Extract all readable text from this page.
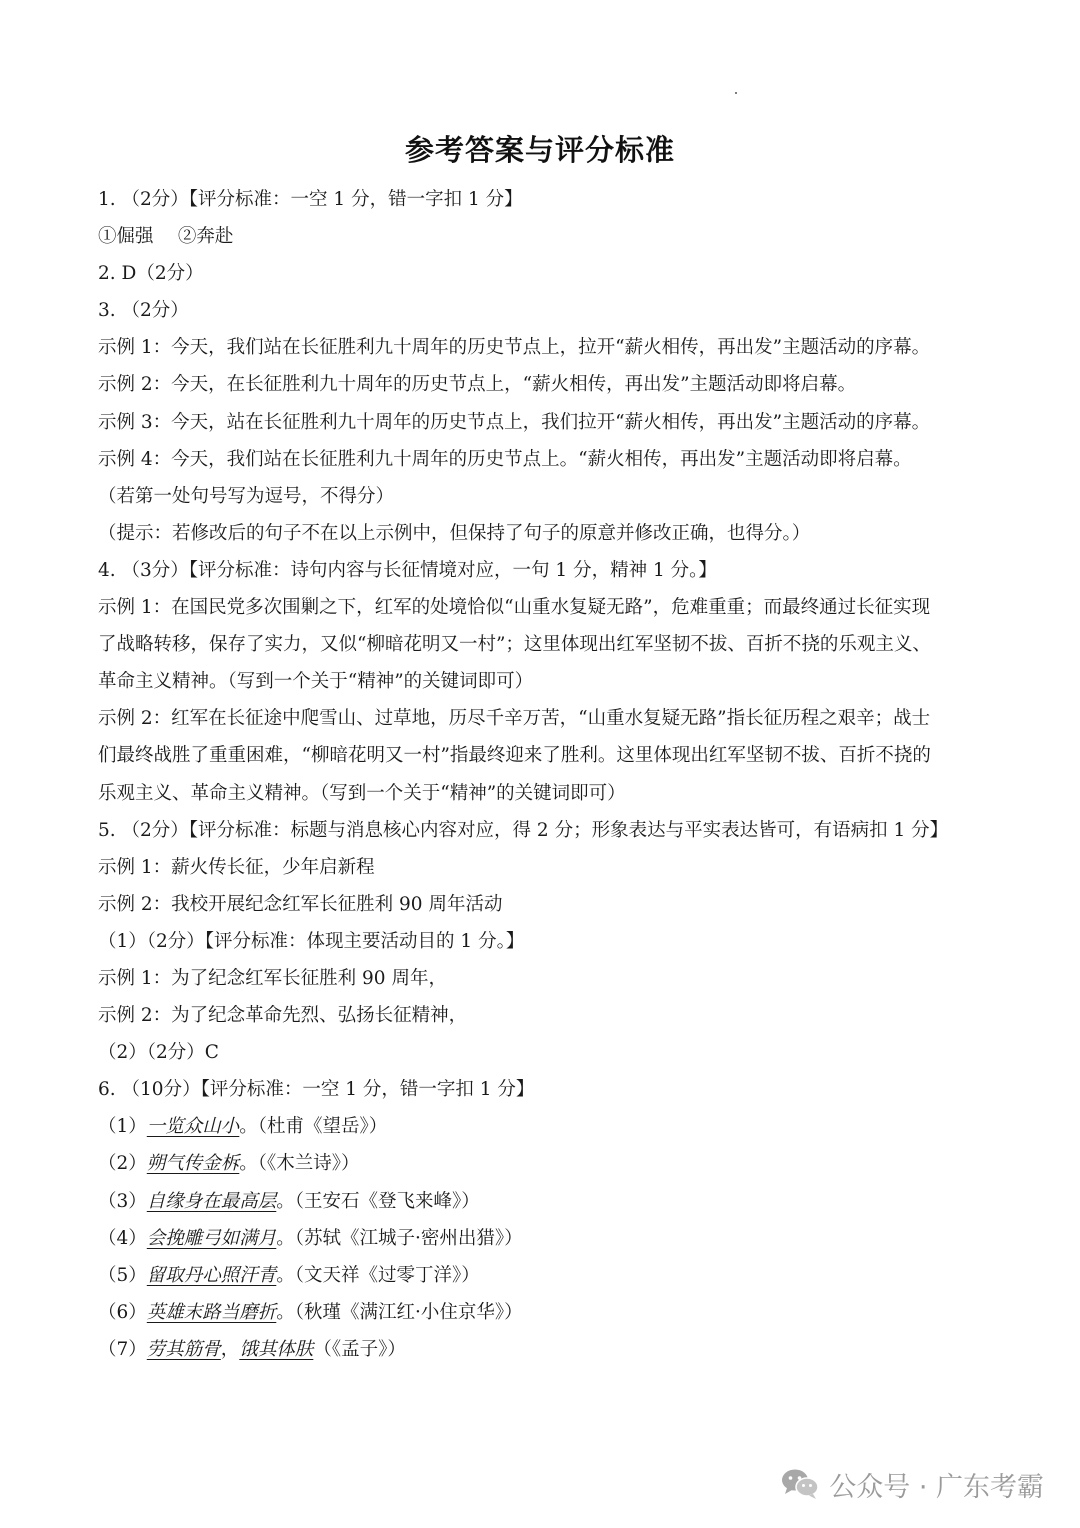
参考答案与评分标准
1. （2分）【评分标准：一空 1 分，错一字扣 1 分】
①倔强　 ②奔赴
2. D（2分）
3. （2分）
示例 1：今天，我们站在长征胜利九十周年的历史节点上，拉开“薪火相传，再出发”主题活动的序幕。
示例 2：今天，在长征胜利九十周年的历史节点上，“薪火相传，再出发”主题活动即将启幕。
示例 3：今天，站在长征胜利九十周年的历史节点上，我们拉开“薪火相传，再出发”主题活动的序幕。
示例 4：今天，我们站在长征胜利九十周年的历史节点上。“薪火相传，再出发”主题活动即将启幕。
（若第一处句号写为逗号，不得分）
（提示：若修改后的句子不在以上示例中，但保持了句子的原意并修改正确，也得分。）
4. （3分）【评分标准：诗句内容与长征情境对应，一句 1 分，精神 1 分。】
示例 1：在国民党多次围剿之下，红军的处境恰似“山重水复疑无路”，危难重重；而最终通过长征实现
了战略转移，保存了实力，又似“柳暗花明又一村”；这里体现出红军坚韧不拔、百折不挠的乐观主义、
革命主义精神。（写到一个关于“精神”的关键词即可）
示例 2：红军在长征途中爬雪山、过草地，历尽千辛万苦，“山重水复疑无路”指长征历程之艰辛；战士
们最终战胜了重重困难，“柳暗花明又一村”指最终迎来了胜利。这里体现出红军坚韧不拔、百折不挠的
乐观主义、革命主义精神。（写到一个关于“精神”的关键词即可）
5. （2分）【评分标准：标题与消息核心内容对应，得 2 分；形象表达与平实表达皆可，有语病扣 1 分】
示例 1：薪火传长征，少年启新程
示例 2：我校开展纪念红军长征胜利 90 周年活动
（1）（2分）【评分标准：体现主要活动目的 1 分。】
示例 1：为了纪念红军长征胜利 90 周年，
示例 2：为了纪念革命先烈、弘扬长征精神，
（2）（2分）C
6. （10分）【评分标准：一空 1 分，错一字扣 1 分】
（1）一览众山小。（杜甫《望岳》）
（2）朔气传金柝。（《木兰诗》）
（3）自缘身在最高层。（王安石《登飞来峰》）
（4）会挽雕弓如满月。（苏轼《江城子·密州出猎》）
（5）留取丹心照汗青。（文天祥《过零丁洋》）
（6）英雄末路当磨折。（秋瑾《满江红·小住京华》）
（7）劳其筋骨，饿其体肤（《孟子》）
公众号 · 广东考霸
